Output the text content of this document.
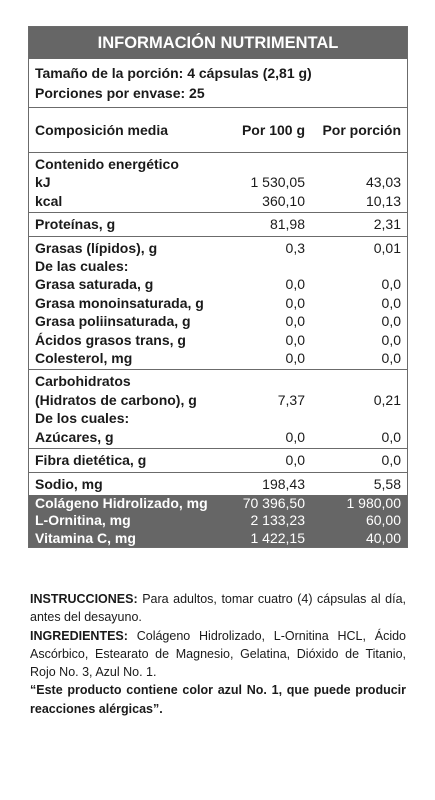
INFORMACIÓN NUTRIMENTAL
Tamaño de la porción: 4 cápsulas (2,81 g)
Porciones por envase: 25
Composición media	Por 100 g	Por porción
Contenido energético
kJ	1 530,05	43,03
kcal	360,10	10,13
Proteínas, g	81,98	2,31
Grasas (lípidos), g	0,3	0,01
De las cuales:
Grasa saturada, g	0,0	0,0
Grasa monoinsaturada, g	0,0	0,0
Grasa poliinsaturada, g	0,0	0,0
Ácidos grasos trans, g	0,0	0,0
Colesterol, mg	0,0	0,0
Carbohidratos
(Hidratos de carbono), g	7,37	0,21
De los cuales:
Azúcares, g	0,0	0,0
Fibra dietética, g	0,0	0,0
Sodio, mg	198,43	5,58
Colágeno Hidrolizado, mg	70 396,50	1 980,00
L-Ornitina, mg	2 133,23	60,00
Vitamina C, mg	1 422,15	40,00

INSTRUCCIONES: Para adultos, tomar cuatro (4) cápsulas al día, antes del desayuno.

INGREDIENTES: Colágeno Hidrolizado, L-Ornitina HCL, Ácido Ascórbico, Estearato de Magnesio, Gelatina, Dióxido de Titanio, Rojo No. 3, Azul No. 1.

“Este producto contiene color azul No. 1, que puede producir reacciones alérgicas”.
